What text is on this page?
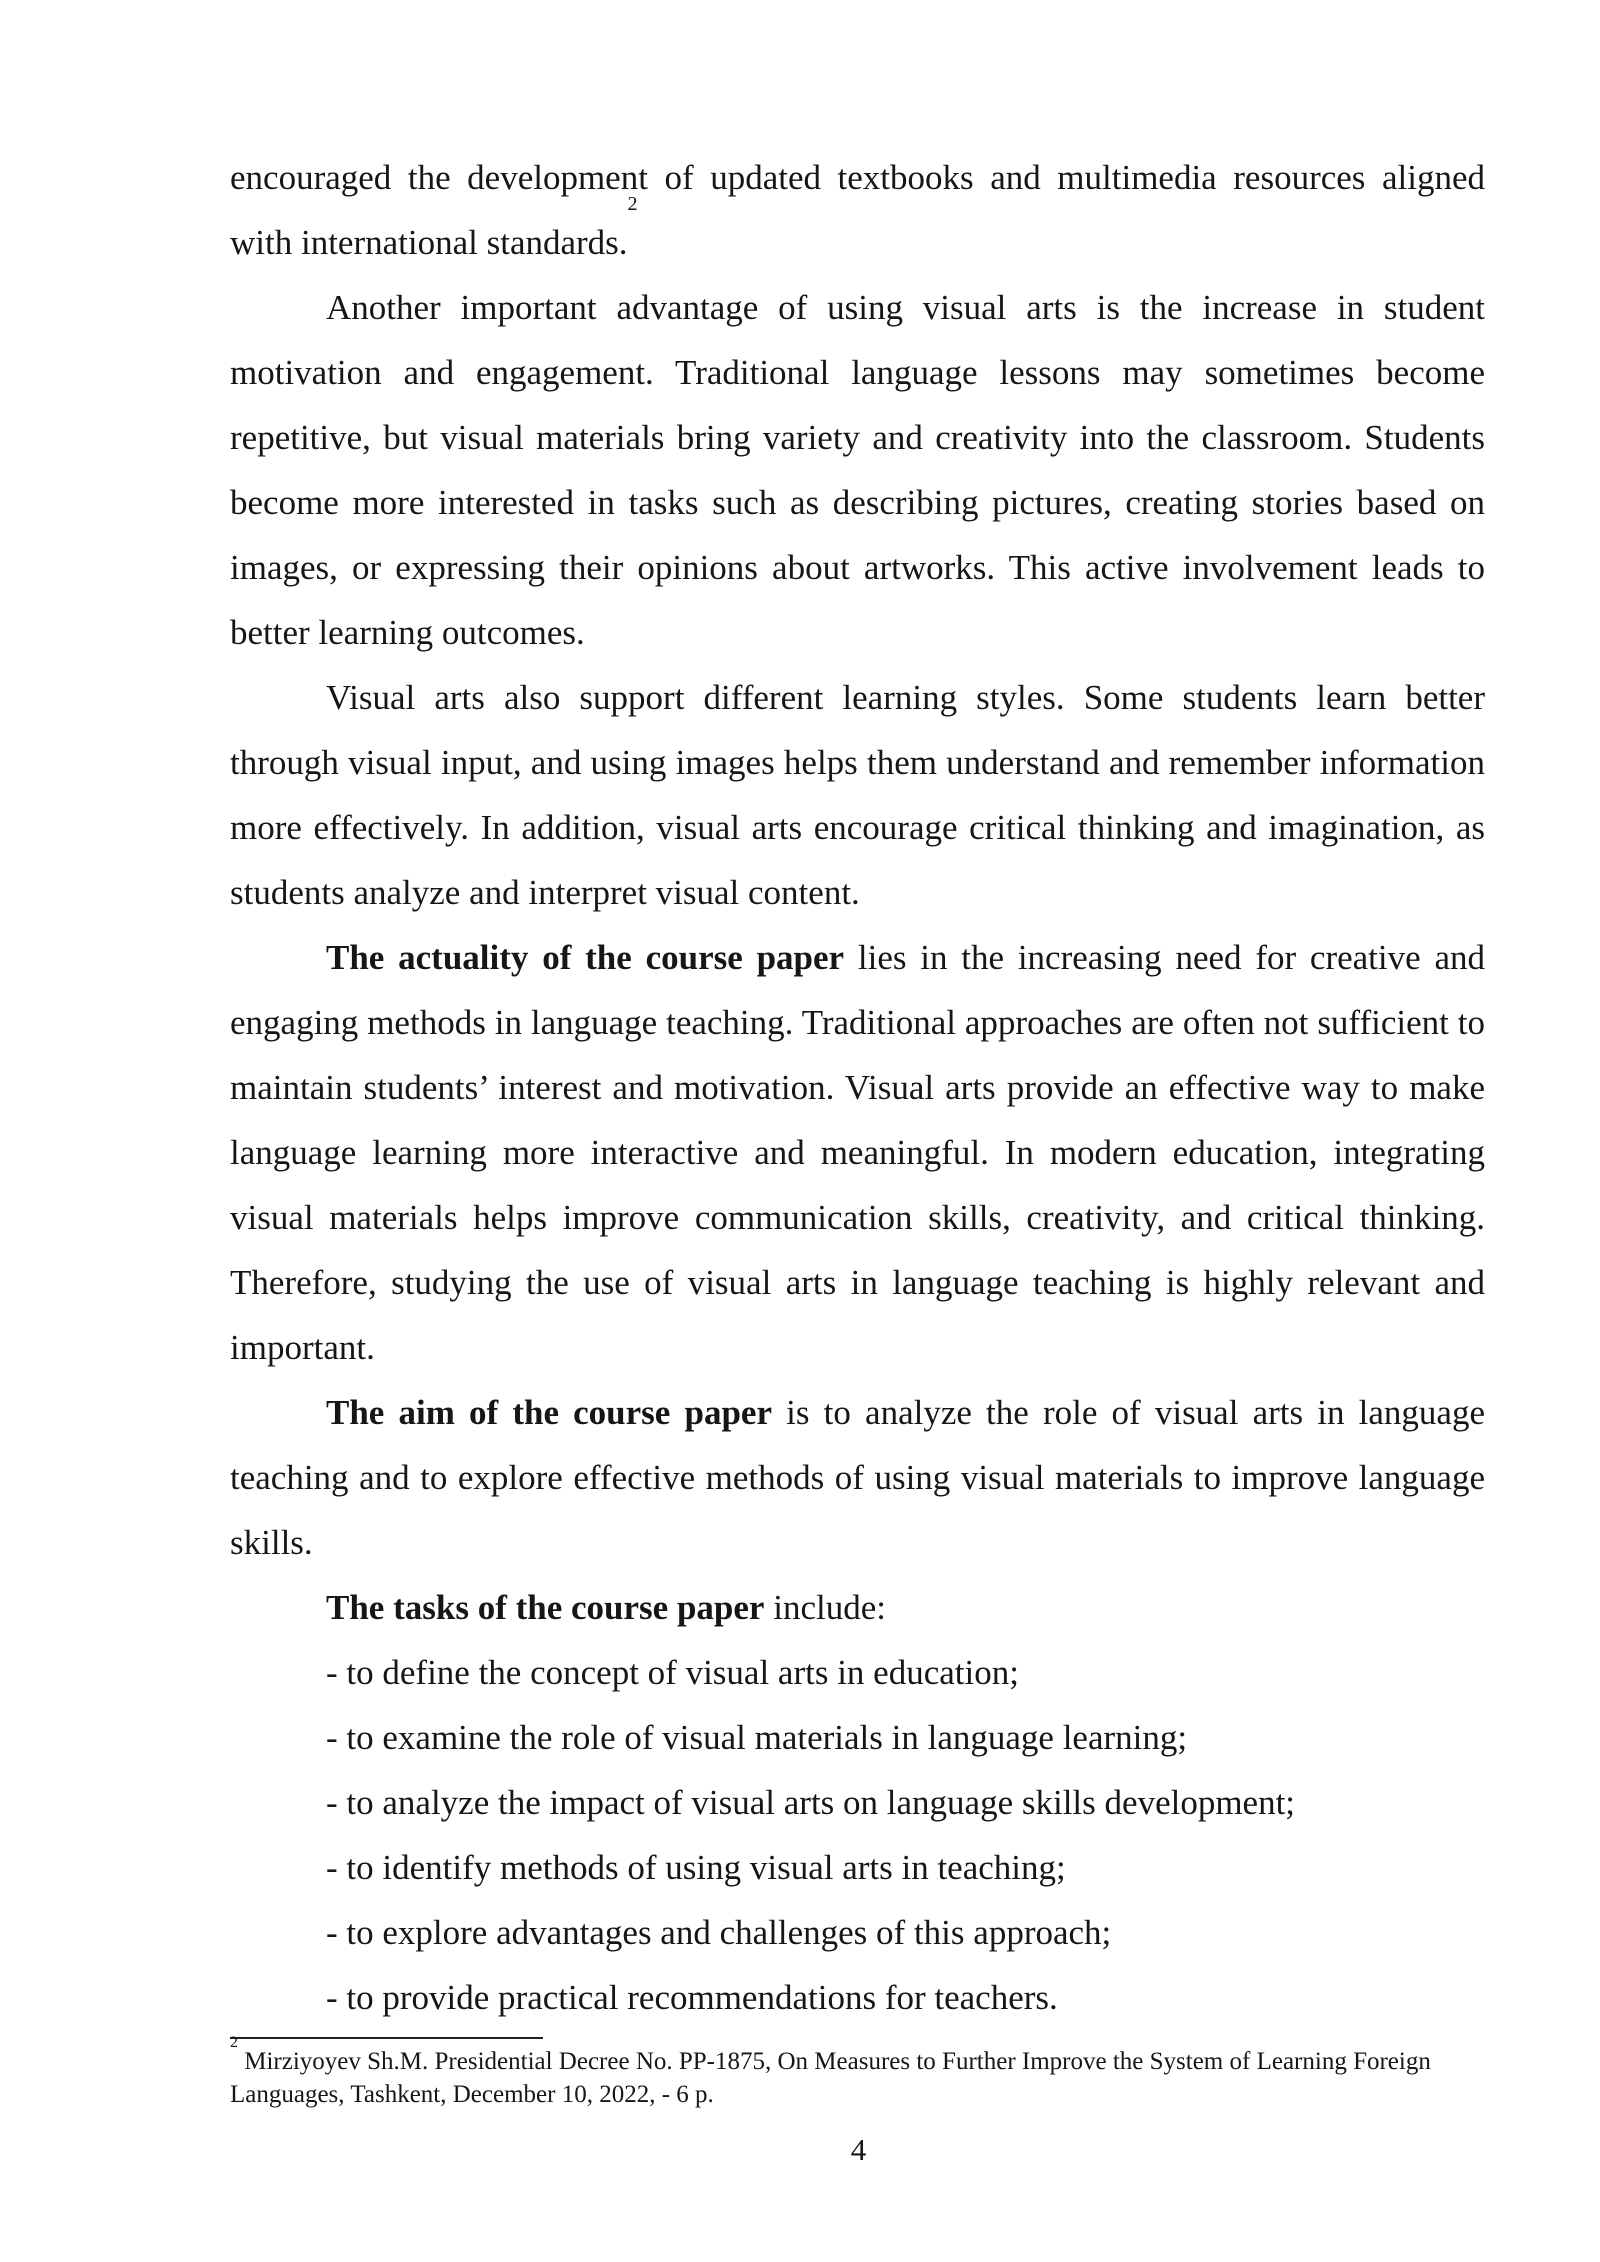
encouraged the development of updated textbooks and multimedia resources aligned with international standards.$^2$

Another important advantage of using visual arts is the increase in student motivation and engagement. Traditional language lessons may sometimes become repetitive, but visual materials bring variety and creativity into the classroom. Students become more interested in tasks such as describing pictures, creating stories based on images, or expressing their opinions about artworks. This active involvement leads to better learning outcomes.

Visual arts also support different learning styles. Some students learn better through visual input, and using images helps them understand and remember information more effectively. In addition, visual arts encourage critical thinking and imagination, as students analyze and interpret visual content.

The actuality of the course paper lies in the increasing need for creative and engaging methods in language teaching. Traditional approaches are often not sufficient to maintain students’ interest and motivation. Visual arts provide an effective way to make language learning more interactive and meaningful. In modern education, integrating visual materials helps improve communication skills, creativity, and critical thinking. Therefore, studying the use of visual arts in language teaching is highly relevant and important.

The aim of the course paper is to analyze the role of visual arts in language teaching and to explore effective methods of using visual materials to improve language skills.

The tasks of the course paper include:

- to define the concept of visual arts in education;

- to examine the role of visual materials in language learning;

- to analyze the impact of visual arts on language skills development;

- to identify methods of using visual arts in teaching;

- to explore advantages and challenges of this approach;

- to provide practical recommendations for teachers.

$^2$ Mirziyoyev Sh.M. Presidential Decree No. PP-1875, On Measures to Further Improve the System of Learning Foreign Languages, Tashkent, December 10, 2022, - 6 p.
4
